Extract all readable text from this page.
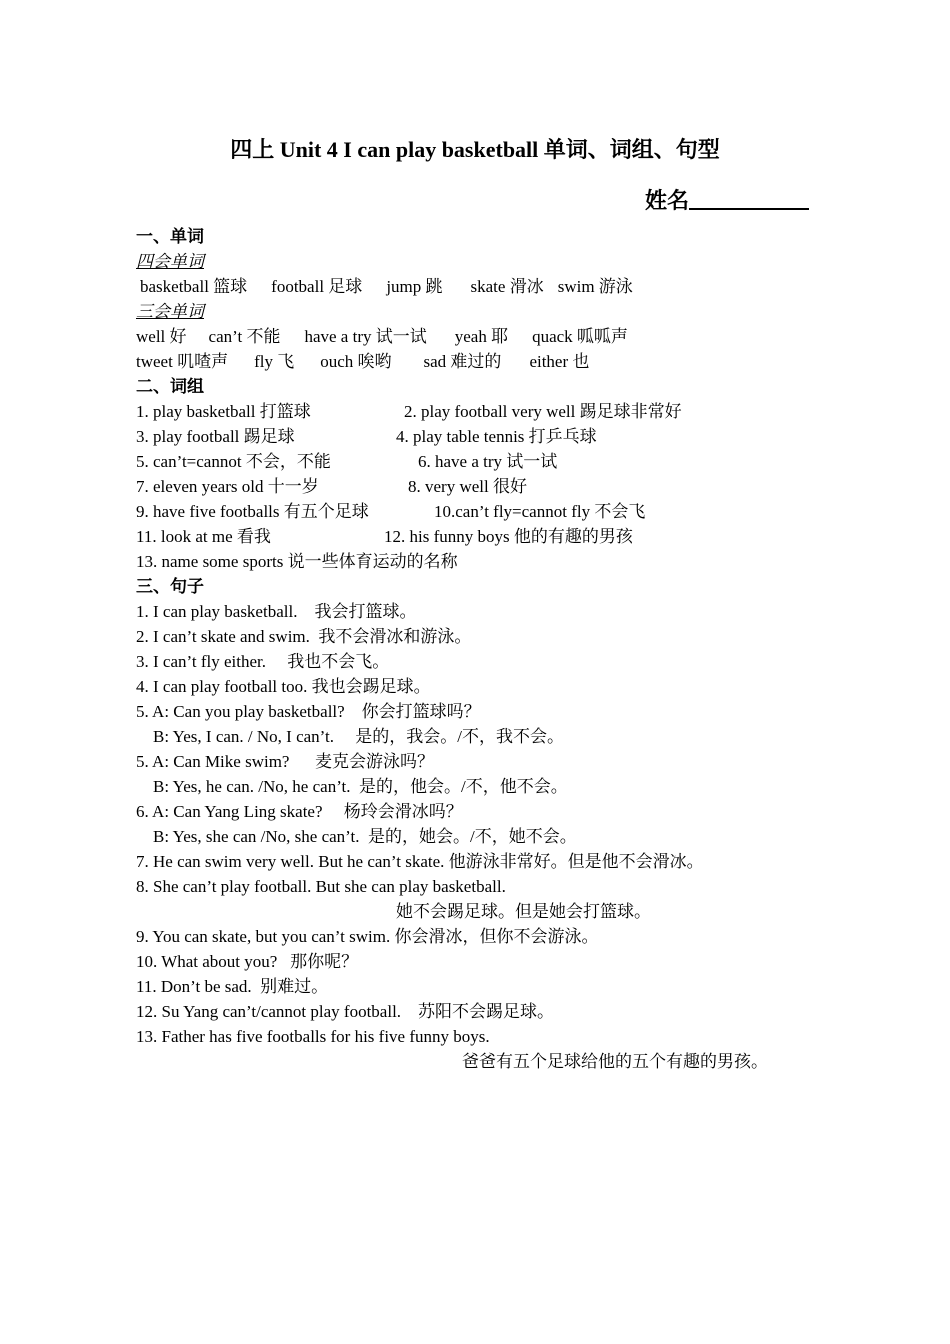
四上 Unit 4 I can play basketball 单词、词组、句型
姓名
一、单词
四会单词
basketball 篮球 football 足球 jump 跳 skate 滑冰 swim 游泳
三会单词
well 好 can’t 不能 have a try 试一试 yeah 耶 quack 呱呱声
tweet 叽喳声 fly 飞 ouch 唉哟 sad 难过的 either 也
二、词组
1. play basketball 打篮球	2. play football very well 踢足球非常好
3. play football 踢足球	4. play table tennis 打乒乓球
5. can’t=cannot 不会，不能	6. have a try 试一试
7. eleven years old 十一岁	8. very well 很好
9. have five footballs 有五个足球	10.can’t fly=cannot fly 不会飞
11. look at me 看我	12. his funny boys 他的有趣的男孩
13. name some sports 说一些体育运动的名称
三、句子
1. I can play basketball.    我会打篮球。
2. I can’t skate and swim.  我不会滑冰和游泳。
3. I can’t fly either.     我也不会飞。
4. I can play football too. 我也会踢足球。
5. A: Can you play basketball?    你会打篮球吗？
B: Yes, I can. / No, I can’t.     是的，我会。/不，我不会。
5. A: Can Mike swim?      麦克会游泳吗？
B: Yes, he can. /No, he can’t.  是的，他会。/不，他不会。
6. A: Can Yang Ling skate?     杨玲会滑冰吗？
B: Yes, she can /No, she can’t.  是的，她会。/不，她不会。
7. He can swim very well. But he can’t skate. 他游泳非常好。但是他不会滑冰。
8. She can’t play football. But she can play basketball.
她不会踢足球。但是她会打篮球。
9. You can skate, but you can’t swim. 你会滑冰，但你不会游泳。
10. What about you?   那你呢？
11. Don’t be sad.  别难过。
12. Su Yang can’t/cannot play football.    苏阳不会踢足球。
13. Father has five footballs for his five funny boys.
爸爸有五个足球给他的五个有趣的男孩。
